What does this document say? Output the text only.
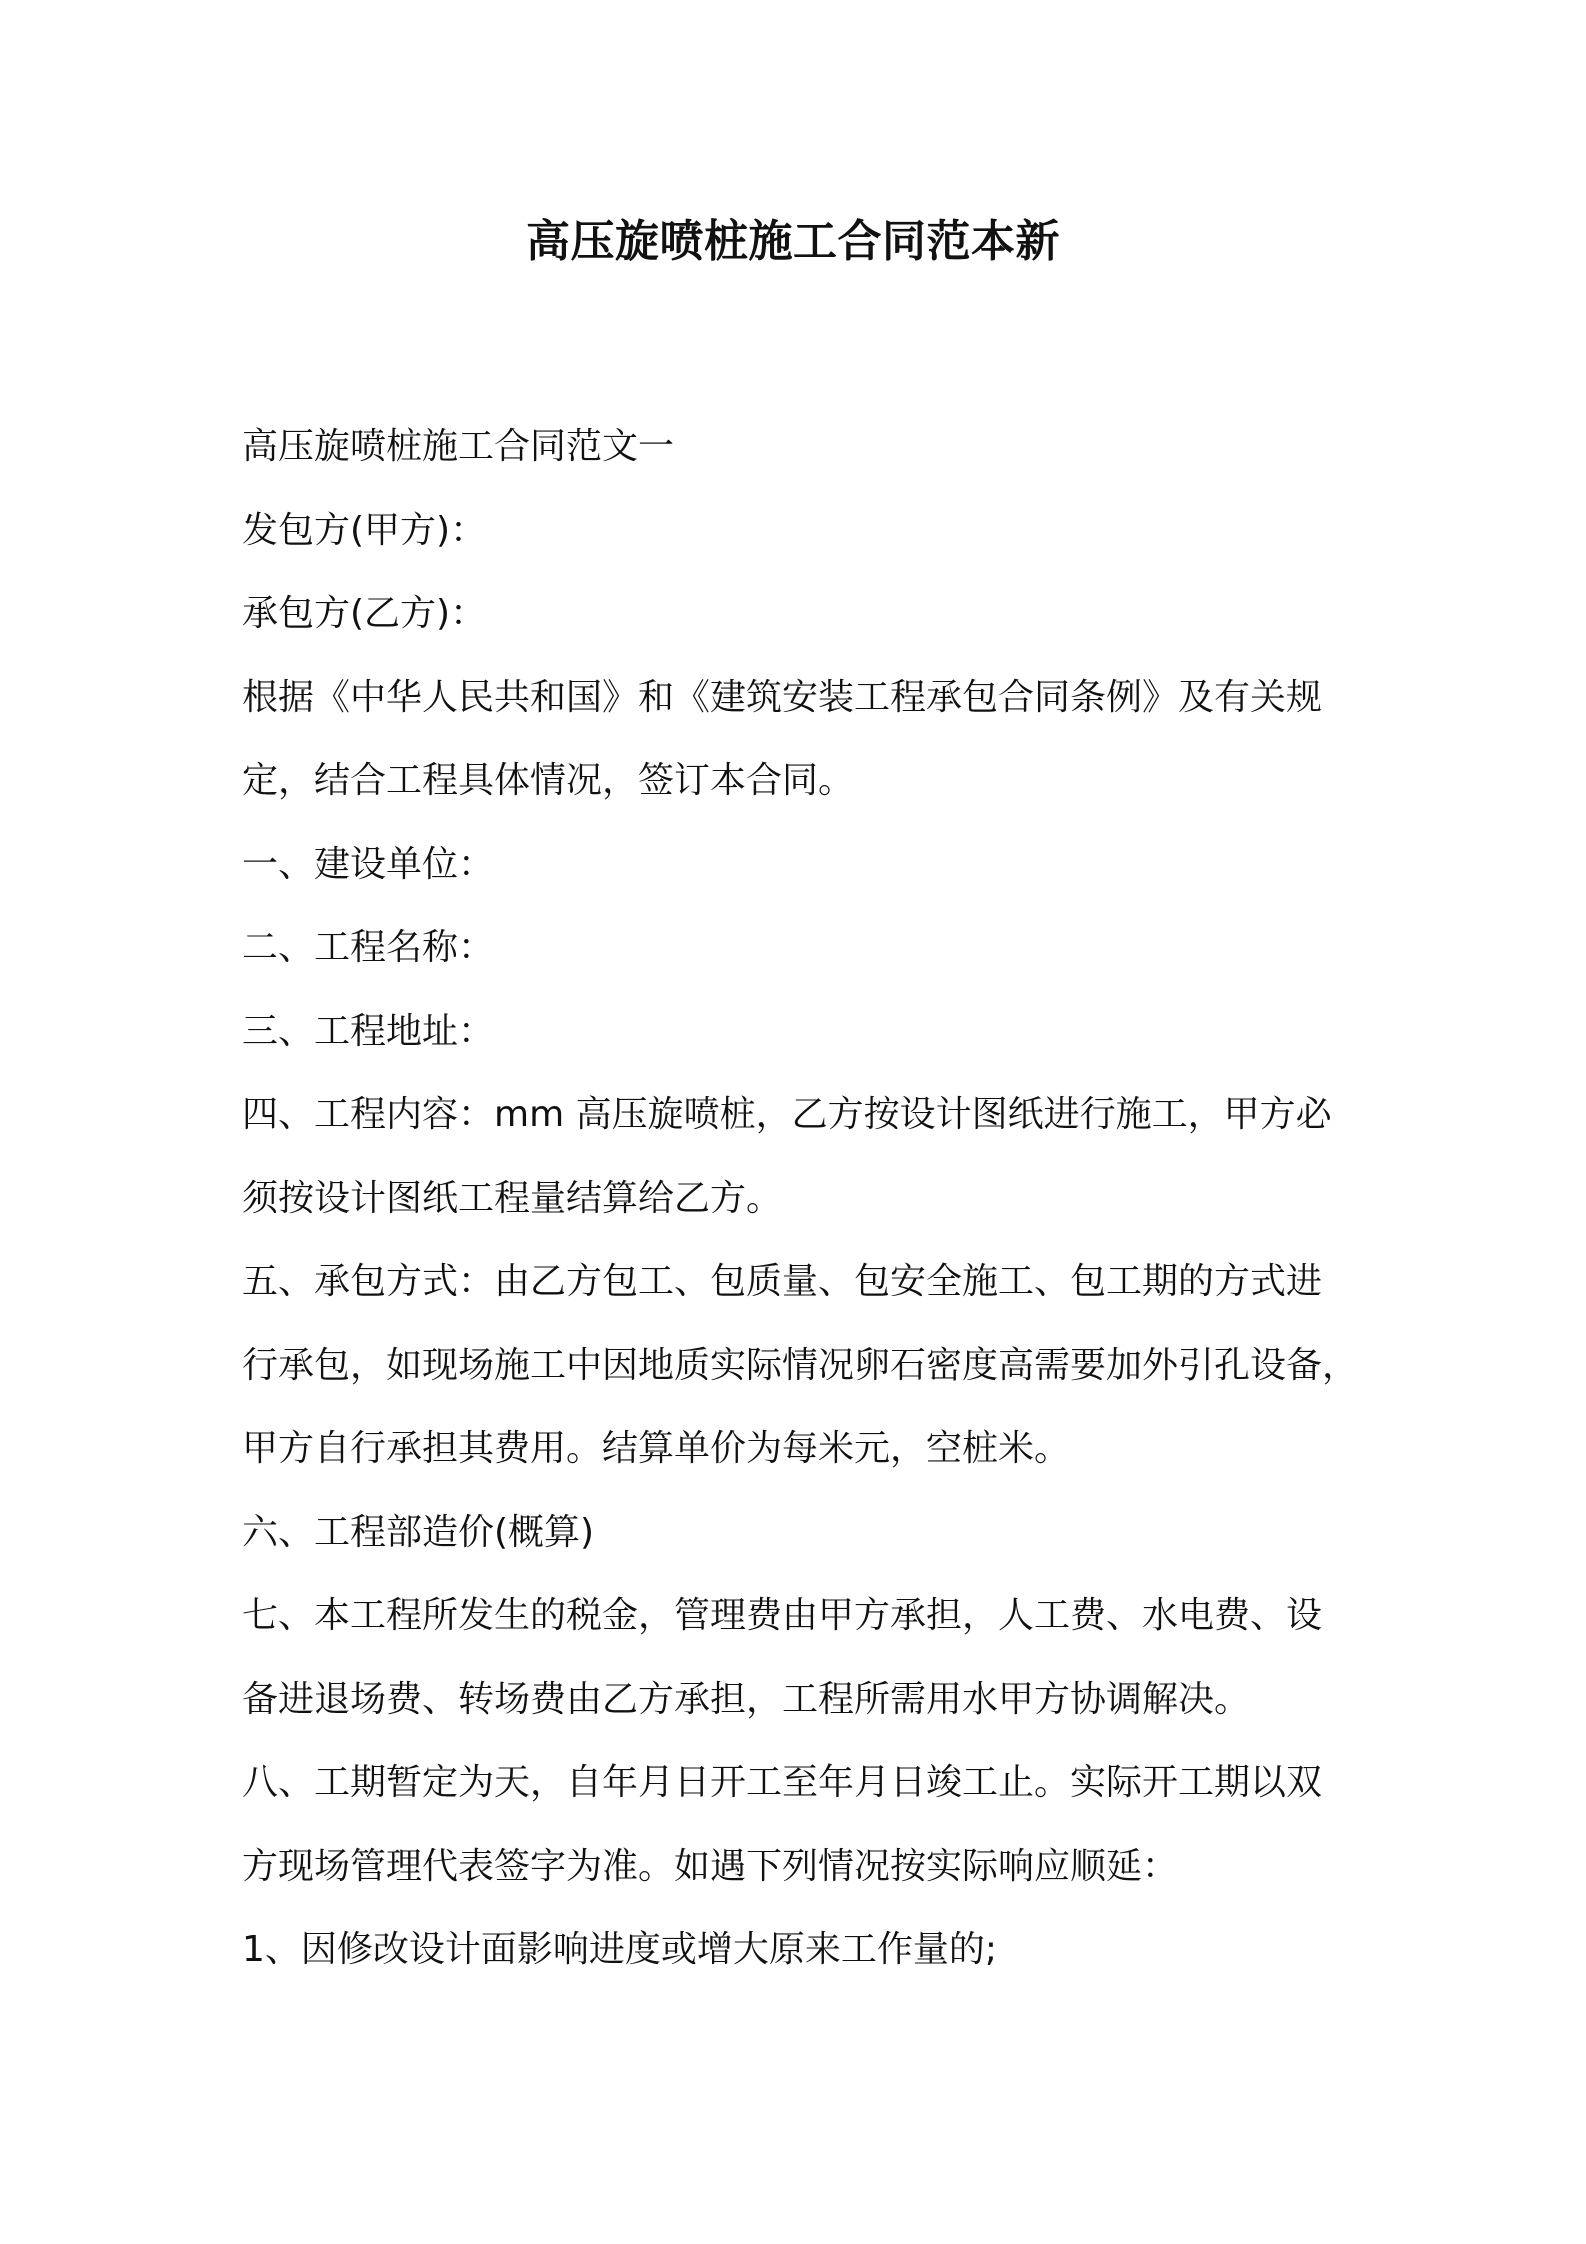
高压旋喷桩施工合同范本新
高压旋喷桩施工合同范文一
发包方(甲方)：
承包方(乙方)：
根据《中华人民共和国》和《建筑安装工程承包合同条例》及有关规
定，结合工程具体情况，签订本合同。
一、建设单位：
二、工程名称：
三、工程地址：
四、工程内容：mm 高压旋喷桩，乙方按设计图纸进行施工，甲方必
须按设计图纸工程量结算给乙方。
五、承包方式：由乙方包工、包质量、包安全施工、包工期的方式进
行承包，如现场施工中因地质实际情况卵石密度高需要加外引孔设备，
甲方自行承担其费用。结算单价为每米元，空桩米。
六、工程部造价(概算)
七、本工程所发生的税金，管理费由甲方承担，人工费、水电费、设
备进退场费、转场费由乙方承担，工程所需用水甲方协调解决。
八、工期暂定为天，自年月日开工至年月日竣工止。实际开工期以双
方现场管理代表签字为准。如遇下列情况按实际响应顺延：
1、因修改设计面影响进度或增大原来工作量的;
